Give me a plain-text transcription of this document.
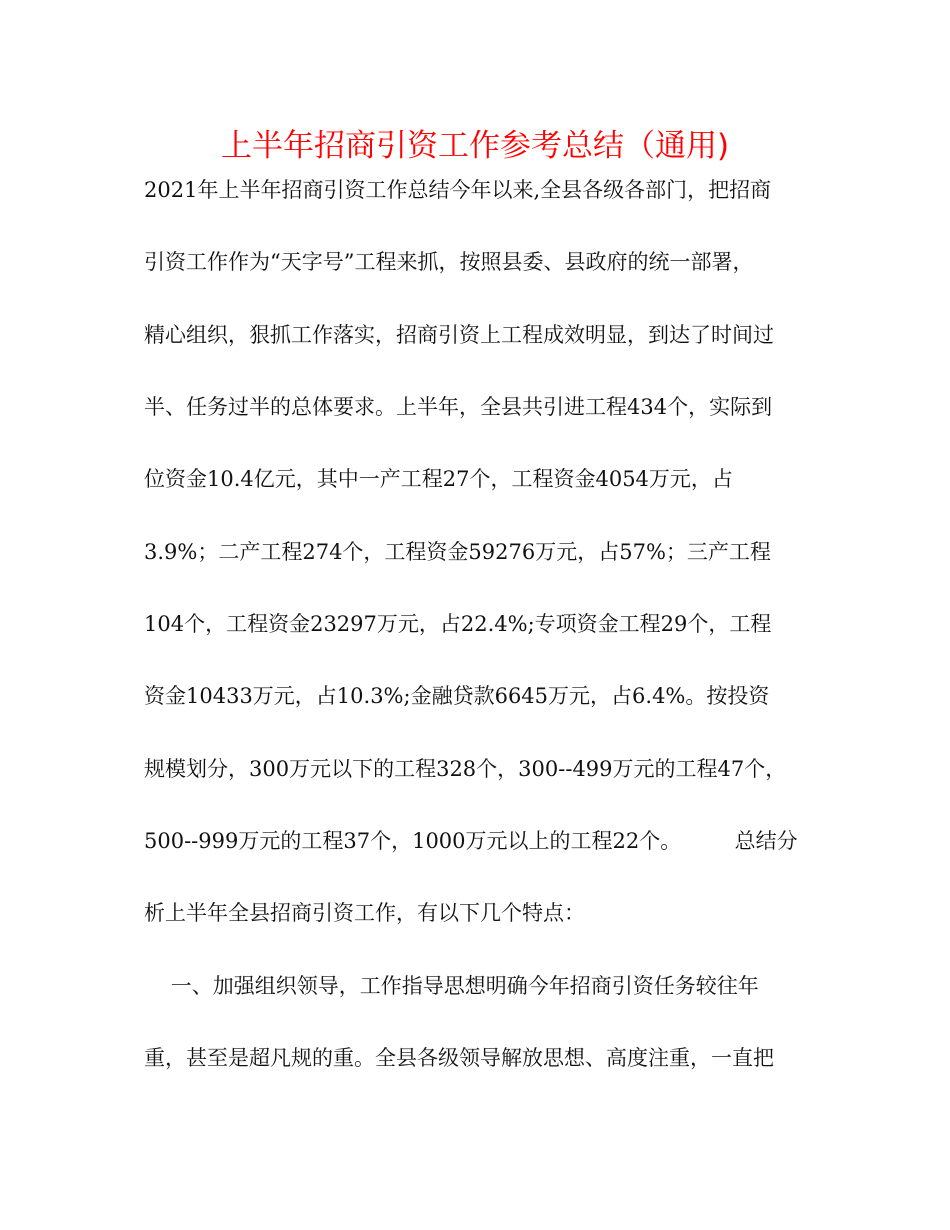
上半年招商引资工作参考总结（通用)
2021年上半年招商引资工作总结今年以来,全县各级各部门，把招商
引资工作作为“天字号”工程来抓，按照县委、县政府的统一部署，
精心组织，狠抓工作落实，招商引资上工程成效明显，到达了时间过
半、任务过半的总体要求。上半年，全县共引进工程434个，实际到
位资金10.4亿元，其中一产工程27个，工程资金4054万元，占
3.9%；二产工程274个，工程资金59276万元，占57%；三产工程
104个，工程资金23297万元，占22.4%;专项资金工程29个，工程
资金10433万元，占10.3%;金融贷款6645万元，占6.4%。按投资
规模划分，300万元以下的工程328个，300--499万元的工程47个，
500--999万元的工程37个，1000万元以上的工程22个。        总结分
析上半年全县招商引资工作，有以下几个特点：
一、加强组织领导，工作指导思想明确今年招商引资任务较往年
重，甚至是超凡规的重。全县各级领导解放思想、高度注重，一直把
